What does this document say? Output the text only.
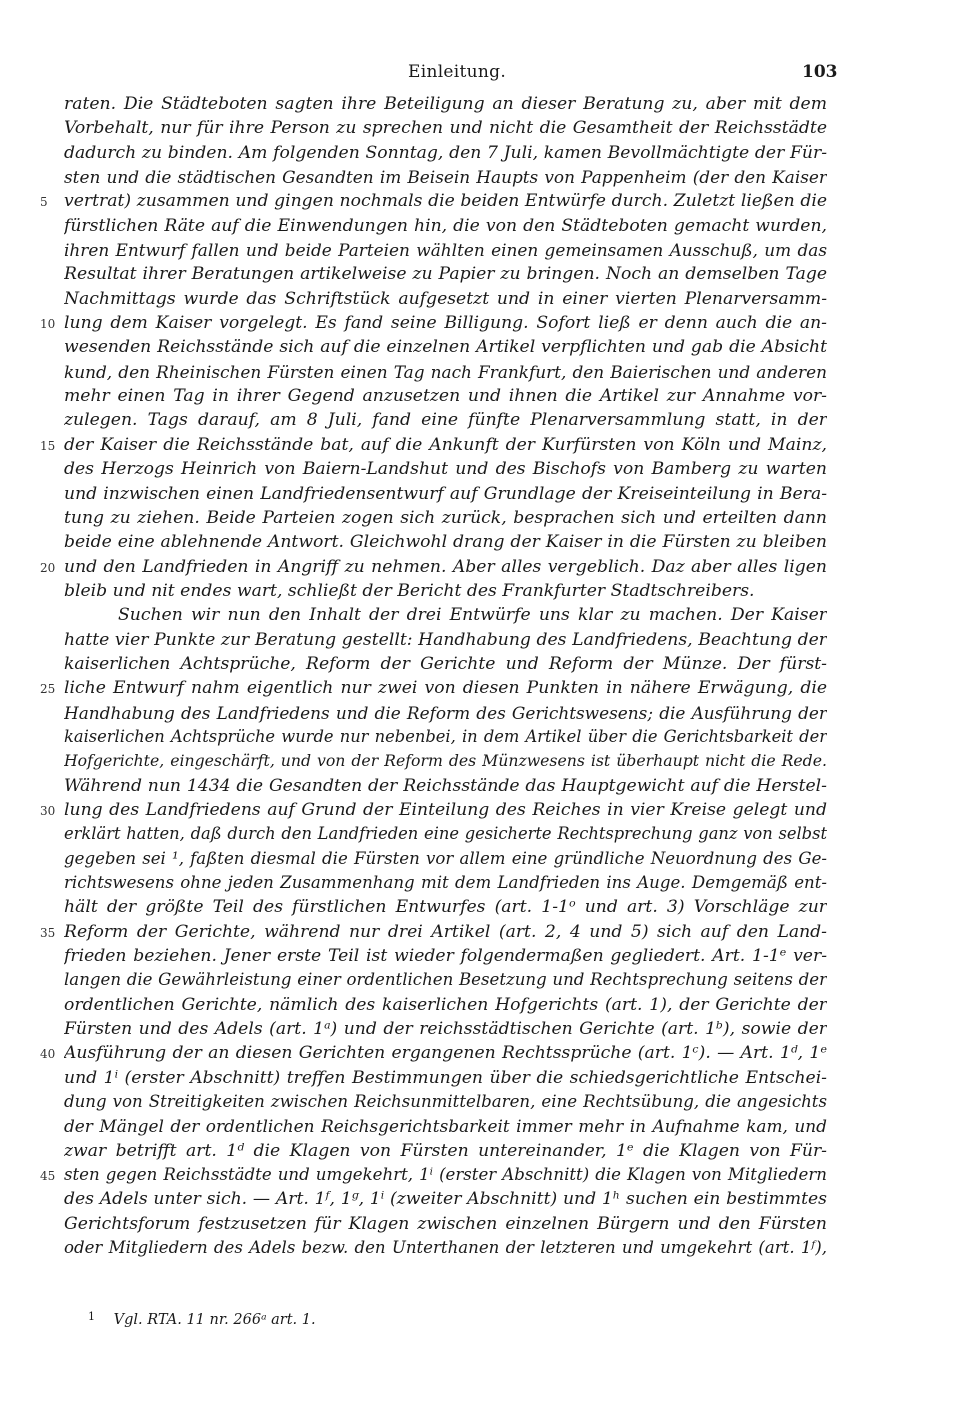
Einleitung.	103
raten. Die Städteboten sagten ihre Beteiligung an dieser Beratung zu, aber mit dem
Vorbehalt, nur für ihre Person zu sprechen und nicht die Gesamtheit der Reichsstädte
dadurch zu binden. Am folgenden Sonntag, den 7 Juli, kamen Bevollmächtigte der Für-
sten und die städtischen Gesandten im Beisein Haupts von Pappenheim (der den Kaiser
5 vertrat) zusammen und gingen nochmals die beiden Entwürfe durch. Zuletzt ließen die
fürstlichen Räte auf die Einwendungen hin, die von den Städteboten gemacht wurden,
ihren Entwurf fallen und beide Parteien wählten einen gemeinsamen Ausschuß, um das
Resultat ihrer Beratungen artikelweise zu Papier zu bringen. Noch an demselben Tage
Nachmittags wurde das Schriftstück aufgesetzt und in einer vierten Plenarversamm-
10 lung dem Kaiser vorgelegt. Es fand seine Billigung. Sofort ließ er denn auch die an-
wesenden Reichsstände sich auf die einzelnen Artikel verpflichten und gab die Absicht
kund, den Rheinischen Fürsten einen Tag nach Frankfurt, den Baierischen und anderen
mehr einen Tag in ihrer Gegend anzusetzen und ihnen die Artikel zur Annahme vor-
zulegen. Tags darauf, am 8 Juli, fand eine fünfte Plenarversammlung statt, in der
15 der Kaiser die Reichsstände bat, auf die Ankunft der Kurfürsten von Köln und Mainz,
des Herzogs Heinrich von Baiern-Landshut und des Bischofs von Bamberg zu warten
und inzwischen einen Landfriedensentwurf auf Grundlage der Kreiseinteilung in Bera-
tung zu ziehen. Beide Parteien zogen sich zurück, besprachen sich und erteilten dann
beide eine ablehnende Antwort. Gleichwohl drang der Kaiser in die Fürsten zu bleiben
20 und den Landfrieden in Angriff zu nehmen. Aber alles vergeblich. Daz aber alles ligen
bleib und nit endes wart, schließt der Bericht des Frankfurter Stadtschreibers.
Suchen wir nun den Inhalt der drei Entwürfe uns klar zu machen. Der Kaiser
hatte vier Punkte zur Beratung gestellt: Handhabung des Landfriedens, Beachtung der
kaiserlichen Achtsprüche, Reform der Gerichte und Reform der Münze. Der fürst-
25 liche Entwurf nahm eigentlich nur zwei von diesen Punkten in nähere Erwägung, die
Handhabung des Landfriedens und die Reform des Gerichtswesens; die Ausführung der
kaiserlichen Achtsprüche wurde nur nebenbei, in dem Artikel über die Gerichtsbarkeit der
Hofgerichte, eingeschärft, und von der Reform des Münzwesens ist überhaupt nicht die Rede.
Während nun 1434 die Gesandten der Reichsstände das Hauptgewicht auf die Herstel-
30 lung des Landfriedens auf Grund der Einteilung des Reiches in vier Kreise gelegt und
erklärt hatten, daß durch den Landfrieden eine gesicherte Rechtsprechung ganz von selbst
gegeben sei ¹, faßten diesmal die Fürsten vor allem eine gründliche Neuordnung des Ge-
richtswesens ohne jeden Zusammenhang mit dem Landfrieden ins Auge. Demgemäß ent-
hält der größte Teil des fürstlichen Entwurfes (art. 1-1ᵒ und art. 3) Vorschläge zur
35 Reform der Gerichte, während nur drei Artikel (art. 2, 4 und 5) sich auf den Land-
frieden beziehen. Jener erste Teil ist wieder folgendermaßen gegliedert. Art. 1-1ᵉ ver-
langen die Gewährleistung einer ordentlichen Besetzung und Rechtsprechung seitens der
ordentlichen Gerichte, nämlich des kaiserlichen Hofgerichts (art. 1), der Gerichte der
Fürsten und des Adels (art. 1ᵃ) und der reichsstädtischen Gerichte (art. 1ᵇ), sowie der
40 Ausführung der an diesen Gerichten ergangenen Rechtssprüche (art. 1ᶜ). — Art. 1ᵈ, 1ᵉ
und 1ⁱ (erster Abschnitt) treffen Bestimmungen über die schiedsgerichtliche Entschei-
dung von Streitigkeiten zwischen Reichsunmittelbaren, eine Rechtsübung, die angesichts
der Mängel der ordentlichen Reichsgerichtsbarkeit immer mehr in Aufnahme kam, und
zwar betrifft art. 1ᵈ die Klagen von Fürsten untereinander, 1ᵉ die Klagen von Für-
45 sten gegen Reichsstädte und umgekehrt, 1ⁱ (erster Abschnitt) die Klagen von Mitgliedern
des Adels unter sich. — Art. 1ᶠ, 1ᵍ, 1ⁱ (zweiter Abschnitt) und 1ʰ suchen ein bestimmtes
Gerichtsforum festzusetzen für Klagen zwischen einzelnen Bürgern und den Fürsten
oder Mitgliedern des Adels bezw. den Unterthanen der letzteren und umgekehrt (art. 1ᶠ),
$^1$ Vgl. RTA. 11 nr. 266ᵃ art. 1.
